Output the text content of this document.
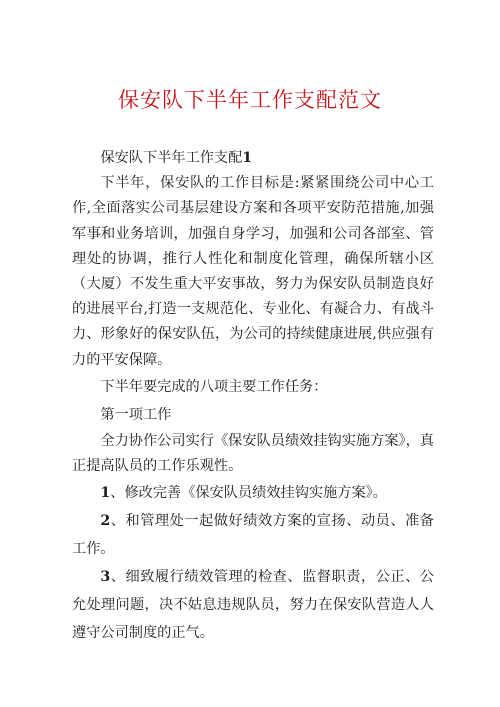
保安队下半年工作支配范文

保安队下半年工作支配1

下半年，保安队的工作目标是:紧紧围绕公司中心工作,全面落实公司基层建设方案和各项平安防范措施,加强军事和业务培训，加强自身学习，加强和公司各部室、管理处的协调，推行人性化和制度化管理，确保所辖小区（大厦）不发生重大平安事故，努力为保安队员制造良好的进展平台,打造一支规范化、专业化、有凝合力、有战斗力、形象好的保安队伍，为公司的持续健康进展,供应强有力的平安保障。

下半年要完成的八项主要工作任务：

第一项工作

全力协作公司实行《保安队员绩效挂钩实施方案》，真正提高队员的工作乐观性。

1、修改完善《保安队员绩效挂钩实施方案》。

2、和管理处一起做好绩效方案的宣扬、动员、准备工作。

3、细致履行绩效管理的检查、监督职责，公正、公允处理问题，决不姑息违规队员，努力在保安队营造人人遵守公司制度的正气。
